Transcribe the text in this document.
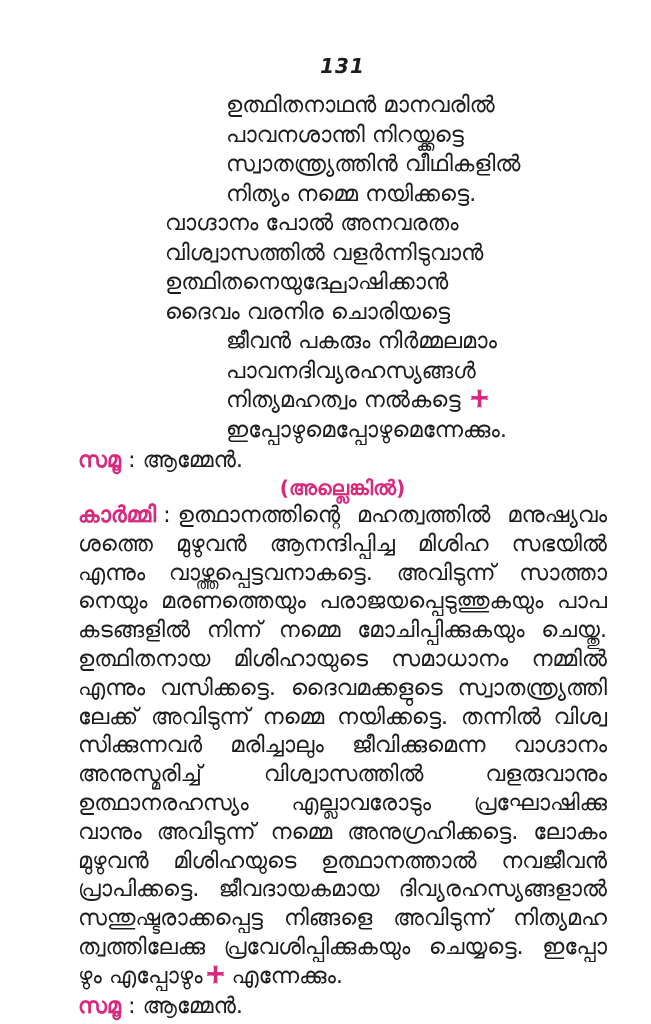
131
ഉത്ഥിതനാഥൻ മാനവരിൽ
പാവനശാന്തി നിറയ്ക്കട്ടെ
സ്വാതന്ത്ര്യത്തിൻ വീഥികളിൽ
നിത്യം നമ്മെ നയിക്കട്ടെ.
വാഗ്ദാനം പോൽ അനവരതം
വിശ്വാസത്തിൽ വളർന്നിടുവാൻ
ഉത്ഥിതനെയുദ്ഘോഷിക്കാൻ
ദൈവം വരനിര ചൊരിയട്ടെ
ജീവൻ പകരും നിർമ്മലമാം
പാവനദിവ്യരഹസ്യങ്ങൾ
നിത്യമഹത്വം നൽകട്ടെ
ഇപ്പോഴുമെപ്പോഴുമെന്നേക്കും.
സമൂ : ആമ്മേൻ.
(അല്ലെങ്കിൽ)
കാർമ്മി : ഉത്ഥാനത്തിന്റെ മഹത്വത്തിൽ മനുഷ്യവം
ശത്തെ മുഴുവൻ ആനന്ദിപ്പിച്ച മിശിഹ സഭയിൽ
എന്നും വാഴ്ത്തപ്പെട്ടവനാകട്ടെ. അവിടുന്ന് സാത്താ
നെയും മരണത്തെയും പരാജയപ്പെടുത്തുകയും പാപ
കടങ്ങളിൽ നിന്ന് നമ്മെ മോചിപ്പിക്കുകയും ചെയ്തു.
ഉത്ഥിതനായ മിശിഹായുടെ സമാധാനം നമ്മിൽ
എന്നും വസിക്കട്ടെ. ദൈവമക്കളുടെ സ്വാതന്ത്ര്യത്തി
ലേക്ക് അവിടുന്ന് നമ്മെ നയിക്കട്ടെ. തന്നിൽ വിശ്വ
സിക്കുന്നവർ മരിച്ചാലും ജീവിക്കുമെന്ന വാഗ്ദാനം
അനുസ്മരിച്ച് വിശ്വാസത്തിൽ വളരുവാനും
ഉത്ഥാനരഹസ്യം എല്ലാവരോടും പ്രഘോഷിക്കു
വാനും അവിടുന്ന് നമ്മെ അനുഗ്രഹിക്കട്ടെ. ലോകം
മുഴുവൻ മിശിഹയുടെ ഉത്ഥാനത്താൽ നവജീവൻ
പ്രാപിക്കട്ടെ. ജീവദായകമായ ദിവ്യരഹസ്യങ്ങളാൽ
സന്തുഷ്ടരാക്കപ്പെട്ട നിങ്ങളെ അവിടുന്ന് നിത്യമഹ
ത്വത്തിലേക്കു പ്രവേശിപ്പിക്കുകയും ചെയ്യട്ടെ. ഇപ്പോ
ഴും എപ്പോഴും എന്നേക്കും.
സമൂ : ആമ്മേൻ.
